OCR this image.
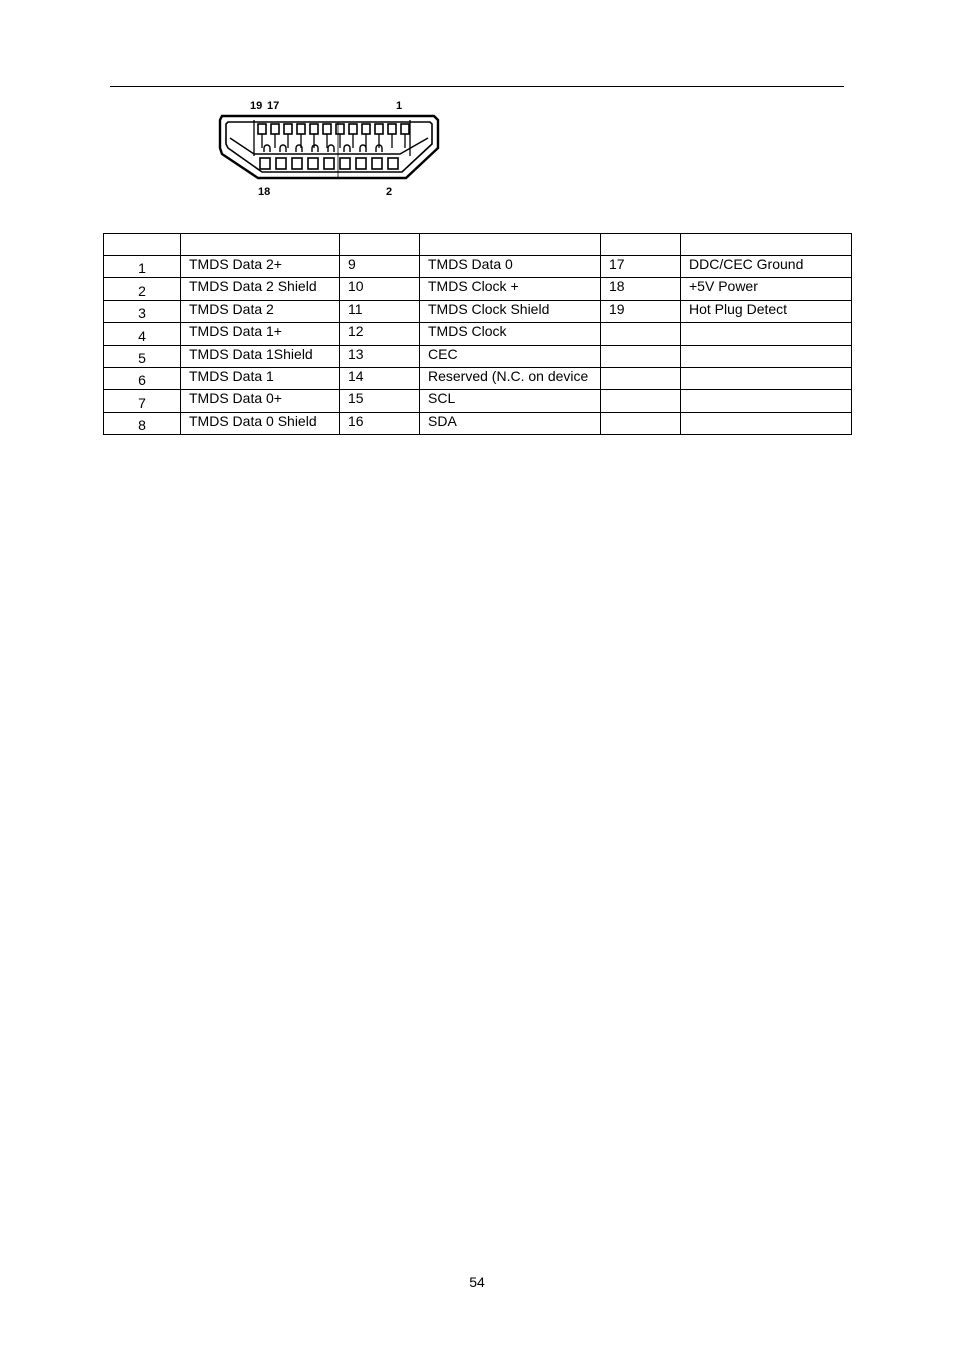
19 17	1
18	2

1	TMDS Data 2+	9	TMDS Data 0	17	DDC/CEC Ground
2	TMDS Data 2 Shield	10	TMDS Clock +	18	+5V Power
3	TMDS Data 2	11	TMDS Clock Shield	19	Hot Plug Detect
4	TMDS Data 1+	12	TMDS Clock		
5	TMDS Data 1Shield	13	CEC		
6	TMDS Data 1	14	Reserved (N.C. on device		
7	TMDS Data 0+	15	SCL		
8	TMDS Data 0 Shield	16	SDA		
54
